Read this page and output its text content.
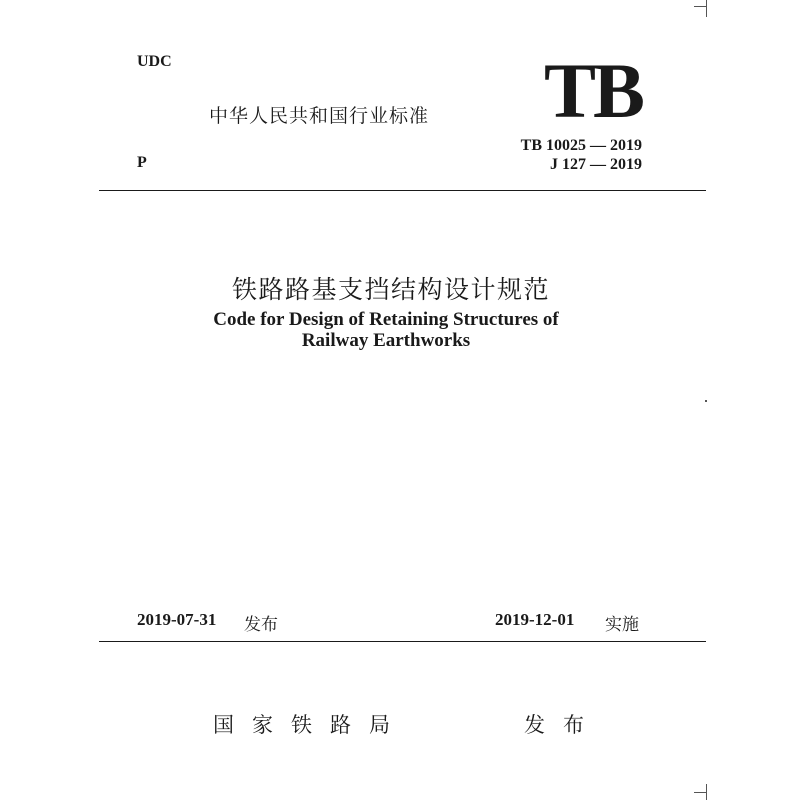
UDC
P
中华人民共和国行业标准 TB
TB 10025 — 2019
J 127 — 2019
铁路路基支挡结构设计规范
Code for Design of Retaining Structures of
Railway Earthworks
2019-07-31 发布	2019-12-01 实施
国家铁路局	发布
